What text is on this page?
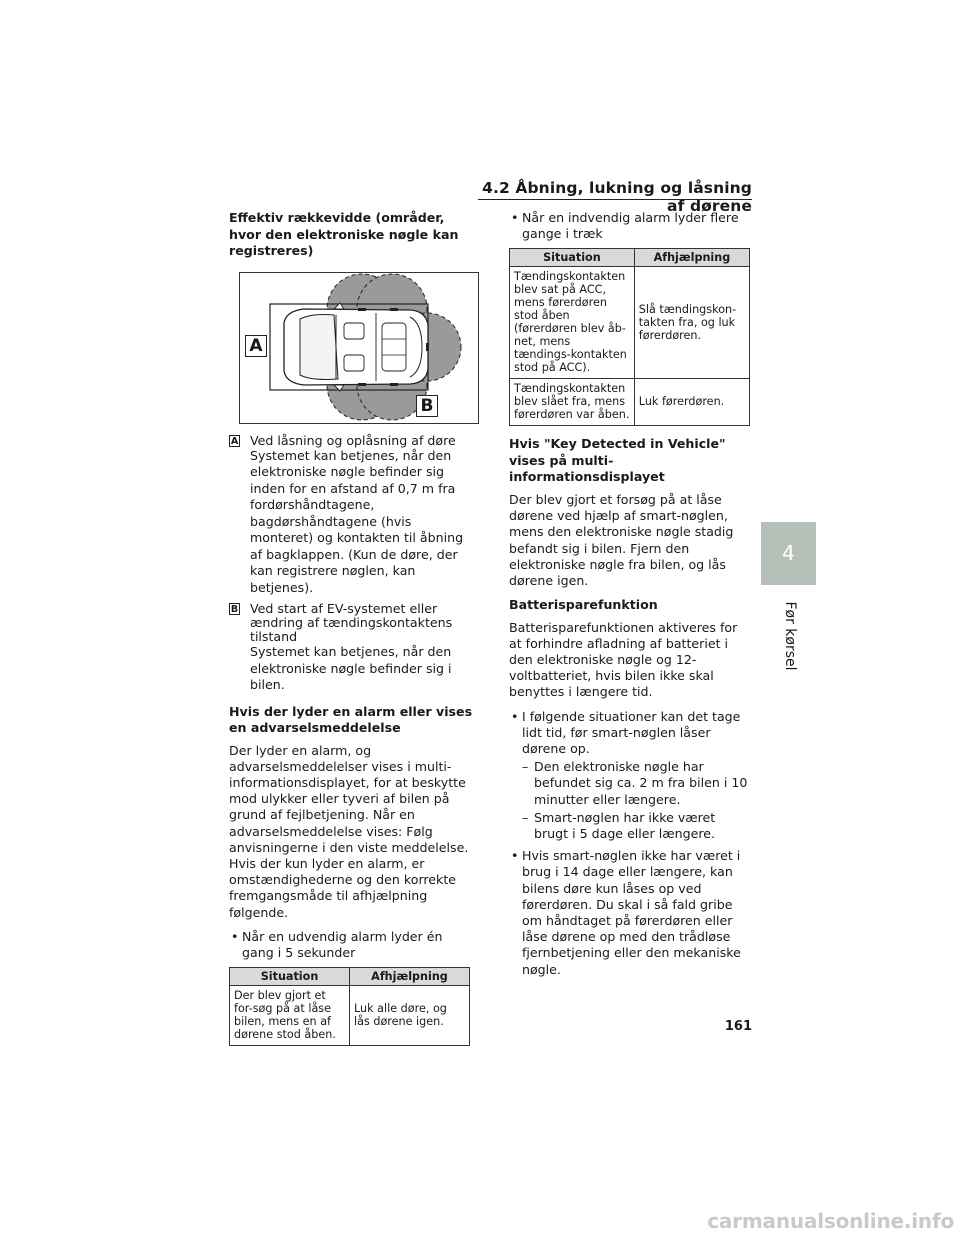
4.2 Åbning, lukning og låsning af dørene
Effektiv rækkevidde (områder, hvor den elektroniske nøgle kan registreres)
A
B
A Ved låsning og oplåsning af døre
Systemet kan betjenes, når den elektroniske nøgle befinder sig inden for en afstand af 0,7 m fra fordørshåndtagene, bagdørshåndtagene (hvis monteret) og kontakten til åbning af bagklappen. (Kun de døre, der kan registrere nøglen, kan betjenes).
B Ved start af EV-systemet eller ændring af tændingskontaktens tilstand
Systemet kan betjenes, når den elektroniske nøgle befinder sig i bilen.
Hvis der lyder en alarm eller vises en advarselsmeddelelse
Der lyder en alarm, og advarselsmeddelelser vises i multi-informationsdisplayet, for at beskytte mod ulykker eller tyveri af bilen på grund af fejlbetjening. Når en advarselsmeddelelse vises: Følg anvisningerne i den viste meddelelse. Hvis der kun lyder en alarm, er omstændighederne og den korrekte fremgangsmåde til afhjælpning følgende.
• Når en udvendig alarm lyder én gang i 5 sekunder
Situation	Afhjælpning
Der blev gjort et for-søg på at låse bilen, mens en af dørene stod åben.	Luk alle døre, og lås dørene igen.
• Når en indvendig alarm lyder flere gange i træk
Situation	Afhjælpning
Tændingskontakten blev sat på ACC, mens førerdøren stod åben (førerdøren blev åb-net, mens tændings-kontakten stod på ACC).	Slå tændingskon-takten fra, og luk førerdøren.
Tændingskontakten blev slået fra, mens førerdøren var åben.	Luk førerdøren.
Hvis "Key Detected in Vehicle" vises på multi-informationsdisplayet
Der blev gjort et forsøg på at låse dørene ved hjælp af smart-nøglen, mens den elektroniske nøgle stadig befandt sig i bilen. Fjern den elektroniske nøgle fra bilen, og lås dørene igen.
Batterisparefunktion
Batterisparefunktionen aktiveres for at forhindre afladning af batteriet i den elektroniske nøgle og 12-voltbatteriet, hvis bilen ikke skal benyttes i længere tid.
• I følgende situationer kan det tage lidt tid, før smart-nøglen låser dørene op.
– Den elektroniske nøgle har befundet sig ca. 2 m fra bilen i 10 minutter eller længere.
– Smart-nøglen har ikke været brugt i 5 dage eller længere.
• Hvis smart-nøglen ikke har været i brug i 14 dage eller længere, kan bilens døre kun låses op ved førerdøren. Du skal i så fald gribe om håndtaget på førerdøren eller låse dørene op med den trådløse fjernbetjening eller den mekaniske nøgle.
4
Før kørsel
161
carmanualsonline.info
